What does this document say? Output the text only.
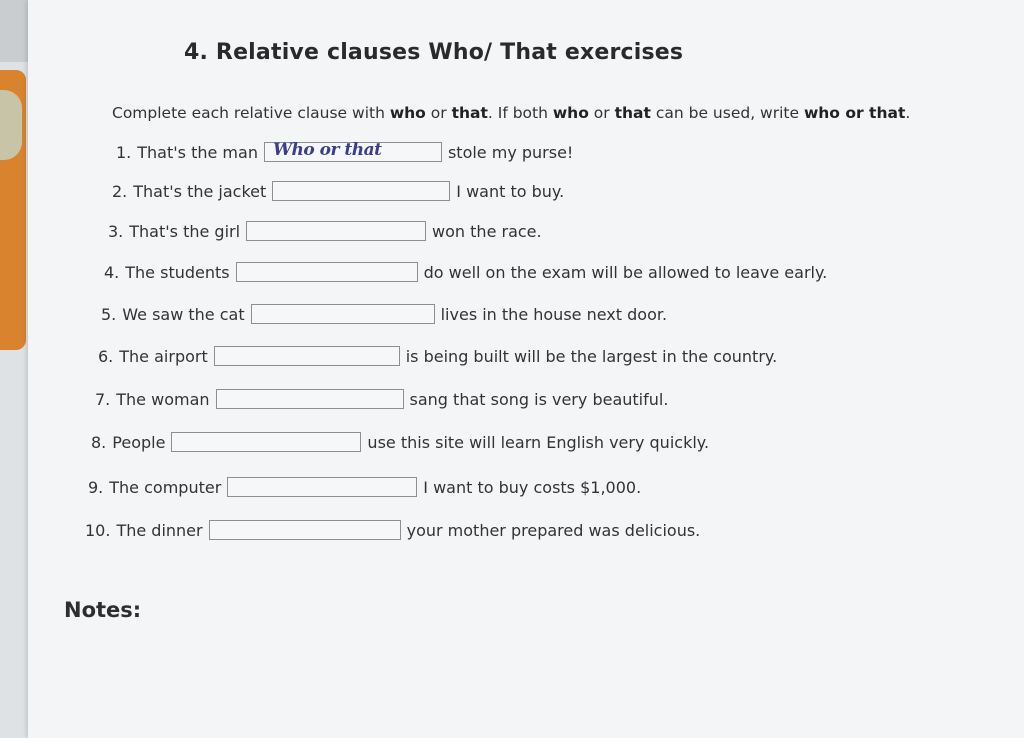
4. Relative clauses Who/ That exercises
Complete each relative clause with who or that. If both who or that can be used, write who or that.
1. That's the man Who or that	stole my purse!
2. That's the jacket	I want to buy.
3. That's the girl	won the race.
4. The students	do well on the exam will be allowed to leave early.
5. We saw the cat	lives in the house next door.
6. The airport	is being built will be the largest in the country.
7. The woman	sang that song is very beautiful.
8. People	use this site will learn English very quickly.
9. The computer	I want to buy costs $1,000.
10. The dinner	your mother prepared was delicious.
Notes:
